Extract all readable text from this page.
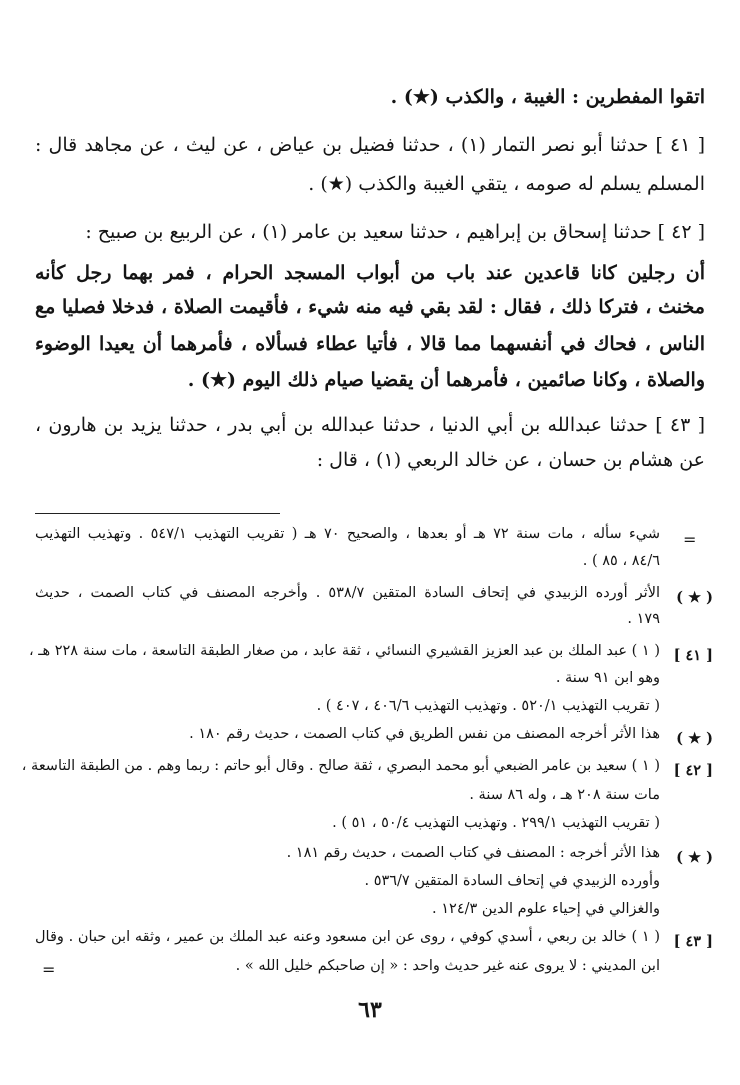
اتقوا المفطرين : الغيبة ، والكذب (★) .
[ ٤١ ] حدثنا أبو نصر التمار (١) ، حدثنا فضيل بن عياض ، عن ليث ، عن مجاهد قال :
المسلم يسلم له صومه ، يتقي الغيبة والكذب (★) .
[ ٤٢ ] حدثنا إسحاق بن إبراهيم ، حدثنا سعيد بن عامر (١) ، عن الربيع بن صبيح :
أن رجلين كانا قاعدين عند باب من أبواب المسجد الحرام ، فمر بهما رجل كأنه
مخنث ، فتركا ذلك ، فقال : لقد بقي فيه منه شيء ، فأقيمت الصلاة ، فدخلا فصليا مع
الناس ، فحاك في أنفسهما مما قالا ، فأتيا عطاء فسألاه ، فأمرهما أن يعيدا الوضوء
والصلاة ، وكانا صائمين ، فأمرهما أن يقضيا صيام ذلك اليوم (★) .
[ ٤٣ ] حدثنا عبدالله بن أبي الدنيا ، حدثنا عبدالله بن أبي بدر ، حدثنا يزيد بن هارون ،
عن هشام بن حسان ، عن خالد الربعي (١) ، قال :
=
شيء سأله ، مات سنة ٧٢ هـ أو بعدها ، والصحيح ٧٠ هـ ( تقريب التهذيب ٥٤٧/١ . وتهذيب التهذيب
٨٤/٦ ، ٨٥ ) .
( ★ )
الأثر أورده الزبيدي في إتحاف السادة المتقين ٥٣٨/٧ . وأخرجه المصنف في كتاب الصمت ، حديث
١٧٩ .
[ ٤١ ]
( ١ ) عبد الملك بن عبد العزيز القشيري النسائي ، ثقة عابد ، من صغار الطبقة التاسعة ، مات سنة ٢٢٨ هـ ،
وهو ابن ٩١ سنة .
( تقريب التهذيب ٥٢٠/١ . وتهذيب التهذيب ٤٠٦/٦ ، ٤٠٧ ) .
( ★ )
هذا الأثر أخرجه المصنف من نفس الطريق في كتاب الصمت ، حديث رقم ١٨٠ .
[ ٤٢ ]
( ١ ) سعيد بن عامر الضبعي أبو محمد البصري ، ثقة صالح . وقال أبو حاتم : ربما وهم . من الطبقة التاسعة ،
مات سنة ٢٠٨ هـ ، وله ٨٦ سنة .
( تقريب التهذيب ٢٩٩/١ . وتهذيب التهذيب ٥٠/٤ ، ٥١ ) .
( ★ )
هذا الأثر أخرجه : المصنف في كتاب الصمت ، حديث رقم ١٨١ .
وأورده الزبيدي في إتحاف السادة المتقين ٥٣٦/٧ .
والغزالي في إحياء علوم الدين ١٢٤/٣ .
[ ٤٣ ]
( ١ ) خالد بن ربعي ، أسدي كوفي ، روى عن ابن مسعود وعنه عبد الملك بن عمير ، وثقه ابن حبان . وقال
ابن المديني : لا يروى عنه غير حديث واحد : « إن صاحبكم خليل الله » .
=
٦٣
